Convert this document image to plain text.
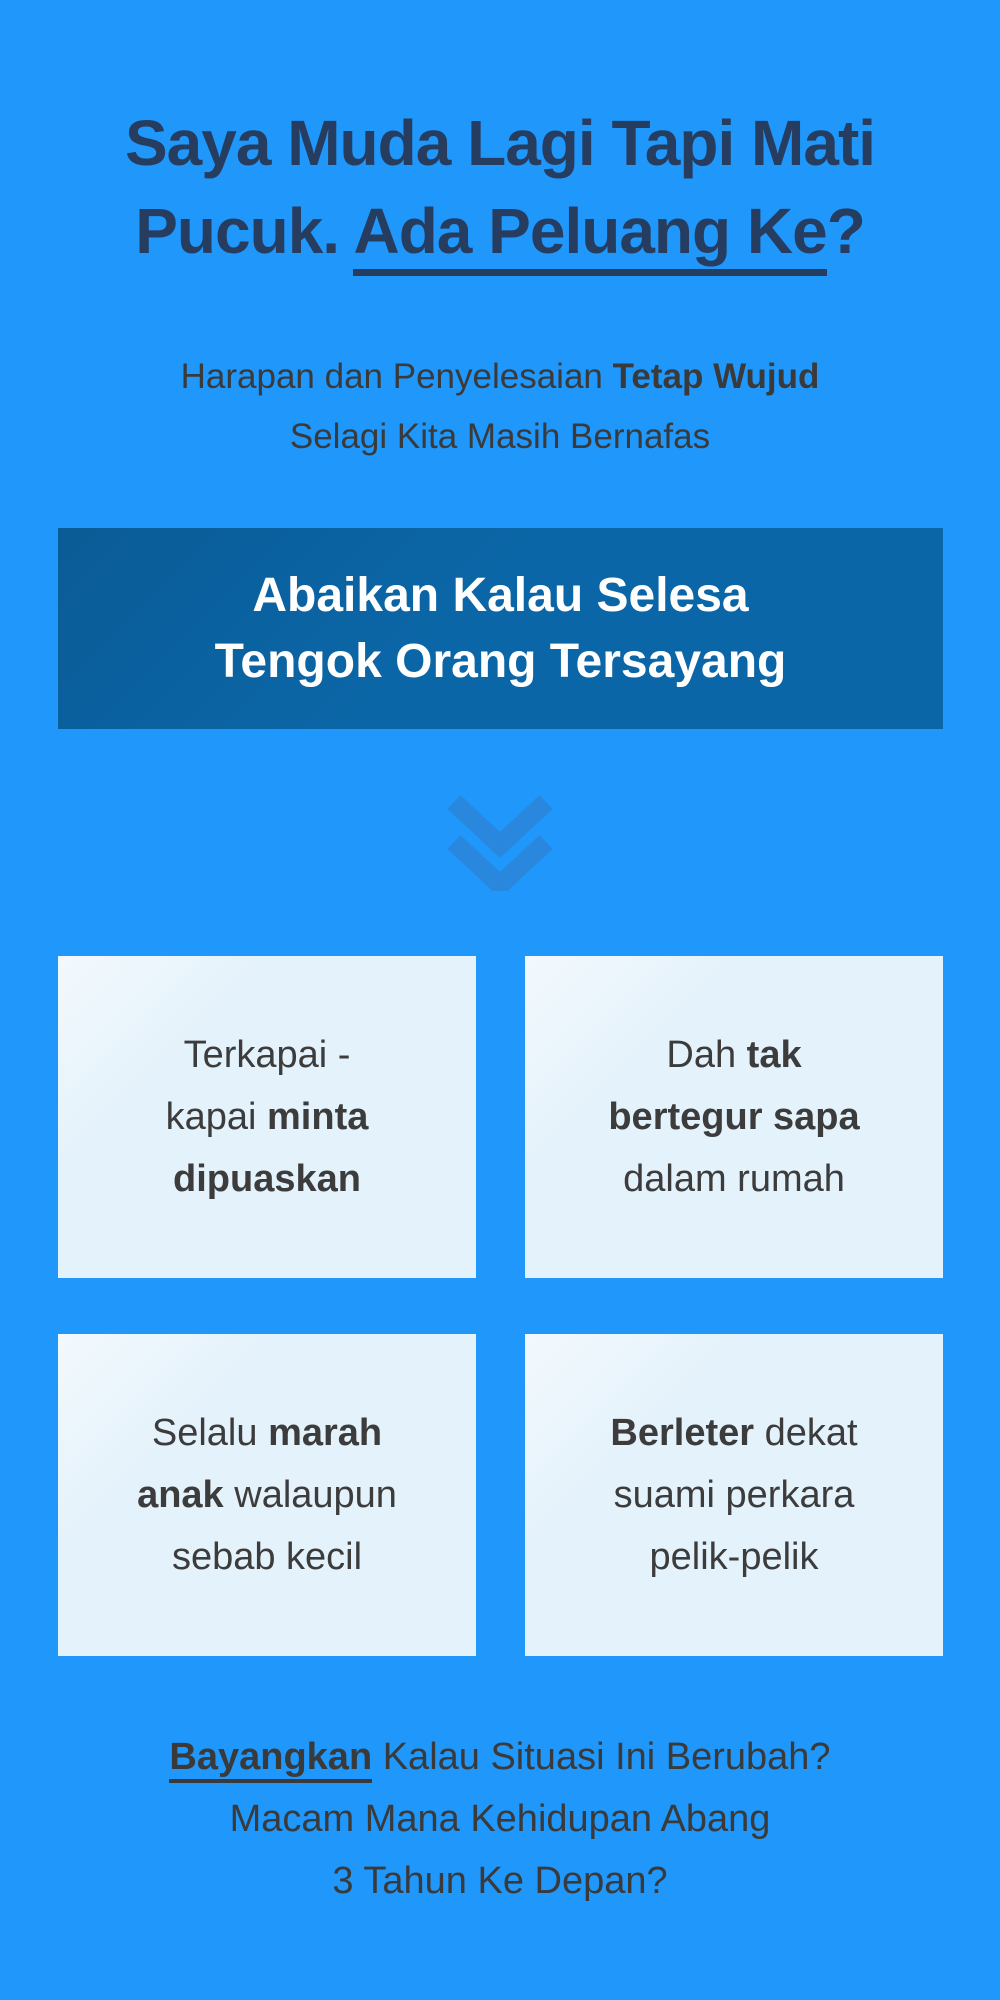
Saya Muda Lagi Tapi Mati
Pucuk. Ada Peluang Ke?
Harapan dan Penyelesaian Tetap Wujud
Selagi Kita Masih Bernafas
Abaikan Kalau Selesa
Tengok Orang Tersayang
Terkapai -
kapai minta
dipuaskan
Dah tak
bertegur sapa
dalam rumah
Selalu marah
anak walaupun
sebab kecil
Berleter dekat
suami perkara
pelik-pelik
Bayangkan Kalau Situasi Ini Berubah?
Macam Mana Kehidupan Abang
3 Tahun Ke Depan?
